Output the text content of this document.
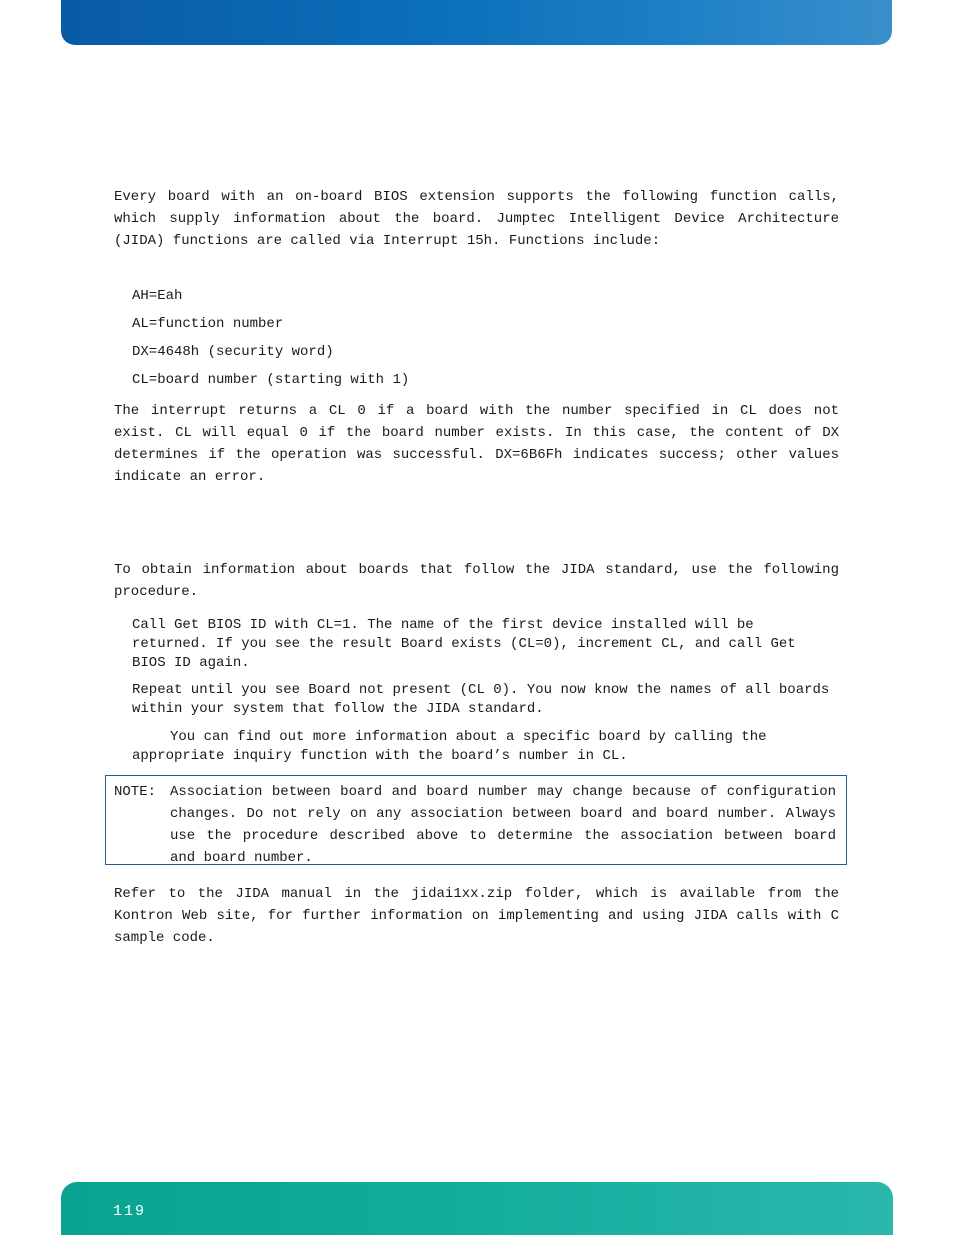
Every board with an on-board BIOS extension supports the following function calls, which supply information about the board. Jumptec Intelligent Device Architecture (JIDA) functions are called via Interrupt 15h. Functions include:

AH=Eah
AL=function number
DX=4648h (security word)
CL=board number (starting with 1)

The interrupt returns a CL 0 if a board with the number specified in CL does not exist. CL will equal 0 if the board number exists. In this case, the content of DX determines if the operation was successful. DX=6B6Fh indicates success; other values indicate an error.

To obtain information about boards that follow the JIDA standard, use the following procedure.

Call Get BIOS ID with CL=1. The name of the first device installed will be returned. If you see the result Board exists (CL=0), increment CL, and call Get BIOS ID again.

Repeat until you see Board not present (CL 0). You now know the names of all boards within your system that follow the JIDA standard.

You can find out more information about a specific board by calling the appropriate inquiry function with the board’s number in CL.

Refer to the JIDA manual in the jidai1xx.zip folder, which is available from the Kontron Web site, for further information on implementing and using JIDA calls with C sample code.

NOTE: Association between board and board number may change because of configuration changes. Do not rely on any association between board and board number. Always use the procedure described above to determine the association between board and board number.

119
